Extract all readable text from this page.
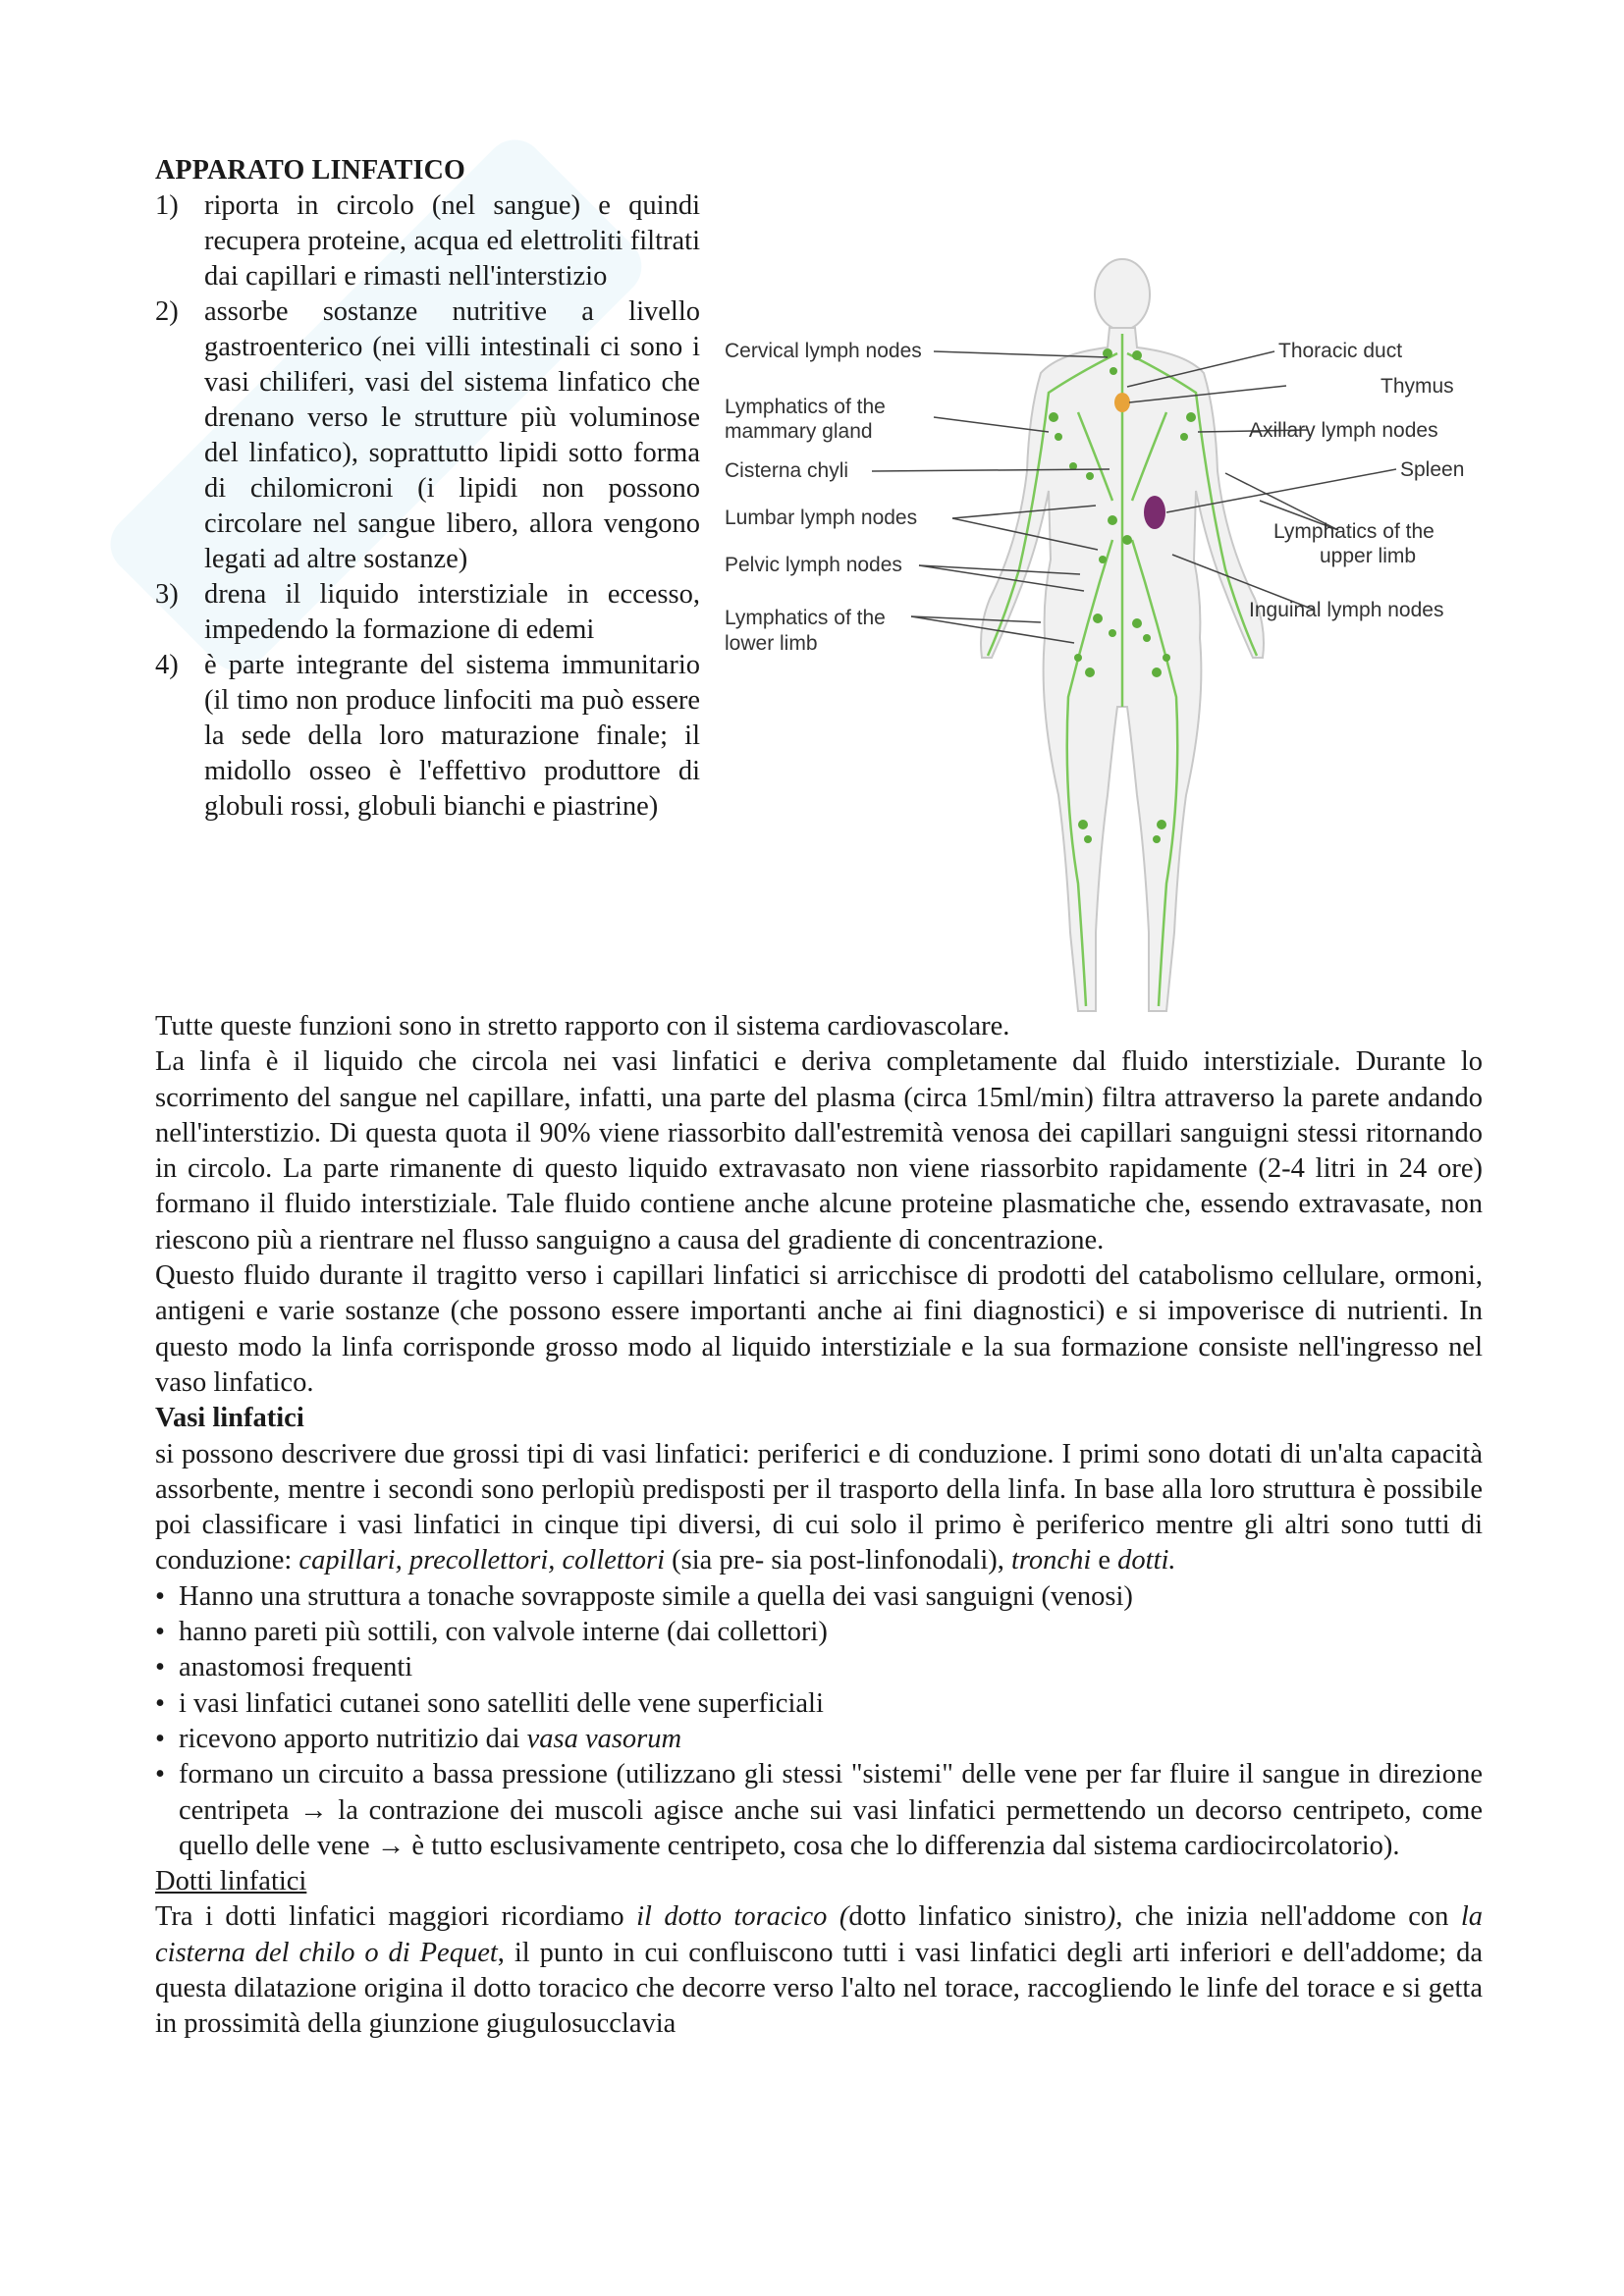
APPARATO LINFATICO
1) riporta in circolo (nel sangue) e quindi recupera proteine, acqua ed elettroliti filtrati dai capillari e rimasti nell'interstizio
2) assorbe sostanze nutritive a livello gastroenterico (nei villi intestinali ci sono i vasi chiliferi, vasi del sistema linfatico che drenano verso le strutture più voluminose del linfatico), soprattutto lipidi sotto forma di chilomicroni (i lipidi non possono circolare nel sangue libero, allora vengono legati ad altre sostanze)
3) drena il liquido interstiziale in eccesso, impedendo la formazione di edemi
4) è parte integrante del sistema immunitario (il timo non produce linfociti ma può essere la sede della loro maturazione finale; il midollo osseo è l'effettivo produttore di globuli rossi, globuli bianchi e piastrine)
Cervical lymph nodes
Lymphatics of the
mammary gland
Cisterna chyli
Lumbar lymph nodes
Pelvic lymph nodes
Lymphatics of the
lower limb
Thoracic duct
Thymus
Axillary lymph nodes
Spleen
Lymphatics of the
upper limb
Inguinal lymph nodes

Tutte queste funzioni sono in stretto rapporto con il sistema cardiovascolare.

La linfa è il liquido che circola nei vasi linfatici e deriva completamente dal fluido interstiziale. Durante lo scorrimento del sangue nel capillare, infatti, una parte del plasma (circa 15ml/min) filtra attraverso la parete andando nell'interstizio. Di questa quota il 90% viene riassorbito dall'estremità venosa dei capillari sanguigni stessi ritornando in circolo. La parte rimanente di questo liquido extravasato non viene riassorbito rapidamente (2-4 litri in 24 ore) formano il fluido interstiziale. Tale fluido contiene anche alcune proteine plasmatiche che, essendo extravasate, non riescono più a rientrare nel flusso sanguigno a causa del gradiente di concentrazione.

Questo fluido durante il tragitto verso i capillari linfatici si arricchisce di prodotti del catabolismo cellulare, ormoni, antigeni e varie sostanze (che possono essere importanti anche ai fini diagnostici) e si impoverisce di nutrienti. In questo modo la linfa corrisponde grosso modo al liquido interstiziale e la sua formazione consiste nell'ingresso nel vaso linfatico.

Vasi linfatici

si possono descrivere due grossi tipi di vasi linfatici: periferici e di conduzione. I primi sono dotati di un'alta capacità assorbente, mentre i secondi sono perlopiù predisposti per il trasporto della linfa. In base alla loro struttura è possibile poi classificare i vasi linfatici in cinque tipi diversi, di cui solo il primo è periferico mentre gli altri sono tutti di conduzione: capillari, precollettori, collettori (sia pre- sia post-linfonodali), tronchi e dotti.

• Hanno una struttura a tonache sovrapposte simile a quella dei vasi sanguigni (venosi)
• hanno pareti più sottili, con valvole interne (dai collettori)
• anastomosi frequenti
• i vasi linfatici cutanei sono satelliti delle vene superficiali
• ricevono apporto nutritizio dai vasa vasorum
• formano un circuito a bassa pressione (utilizzano gli stessi "sistemi" delle vene per far fluire il sangue in direzione centripeta → la contrazione dei muscoli agisce anche sui vasi linfatici permettendo un decorso centripeto, come quello delle vene → è tutto esclusivamente centripeto, cosa che lo differenzia dal sistema cardiocircolatorio).

Dotti linfatici

Tra i dotti linfatici maggiori ricordiamo il dotto toracico (dotto linfatico sinistro), che inizia nell'addome con la cisterna del chilo o di Pequet, il punto in cui confluiscono tutti i vasi linfatici degli arti inferiori e dell'addome; da questa dilatazione origina il dotto toracico che decorre verso l'alto nel torace, raccogliendo le linfe del torace e si getta in prossimità della giunzione giugulosucclavia
